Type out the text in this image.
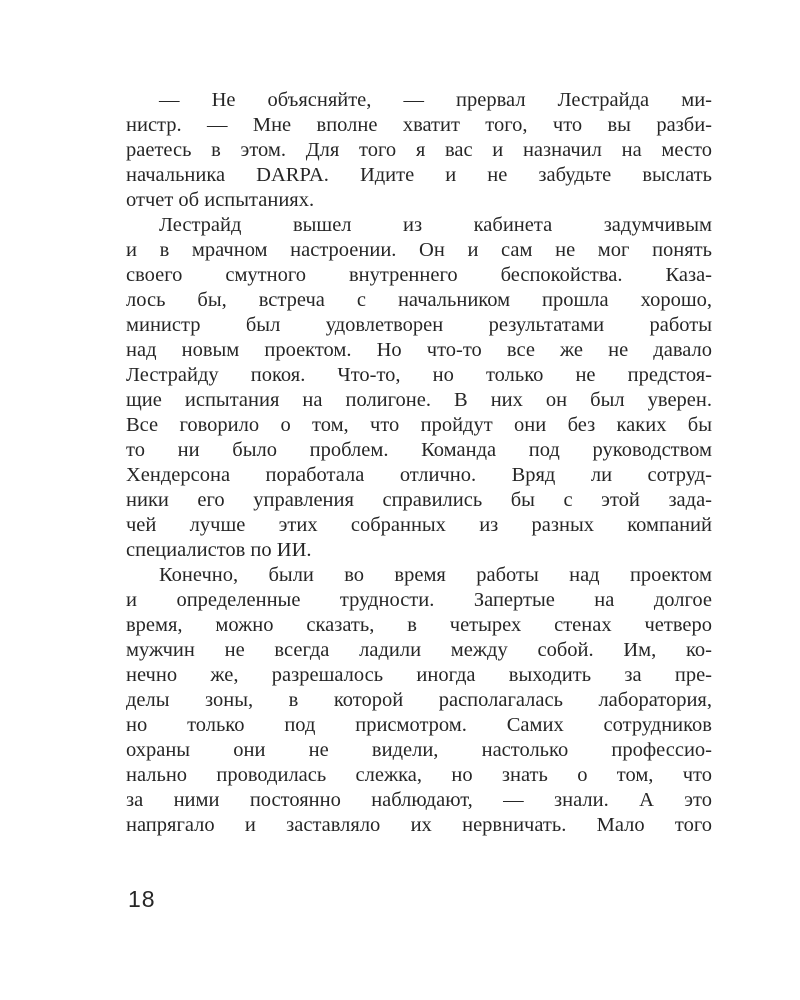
— Не объясняйте, — прервал Лестрайда ми-
нистр. — Мне вполне хватит того, что вы разби-
раетесь в этом. Для того я вас и назначил на место
начальника DARPA. Идите и не забудьте выслать
отчет об испытаниях.
Лестрайд вышел из кабинета задумчивым
и в мрачном настроении. Он и сам не мог понять
своего смутного внутреннего беспокойства. Каза-
лось бы, встреча с начальником прошла хорошо,
министр был удовлетворен результатами работы
над новым проектом. Но что-то все же не давало
Лестрайду покоя. Что-то, но только не предстоя-
щие испытания на полигоне. В них он был уверен.
Все говорило о том, что пройдут они без каких бы
то ни было проблем. Команда под руководством
Хендерсона поработала отлично. Вряд ли сотруд-
ники его управления справились бы с этой зада-
чей лучше этих собранных из разных компаний
специалистов по ИИ.
Конечно, были во время работы над проектом
и определенные трудности. Запертые на долгое
время, можно сказать, в четырех стенах четверо
мужчин не всегда ладили между собой. Им, ко-
нечно же, разрешалось иногда выходить за пре-
делы зоны, в которой располагалась лаборатория,
но только под присмотром. Самих сотрудников
охраны они не видели, настолько профессио-
нально проводилась слежка, но знать о том, что
за ними постоянно наблюдают, — знали. А это
напрягало и заставляло их нервничать. Мало того
18
